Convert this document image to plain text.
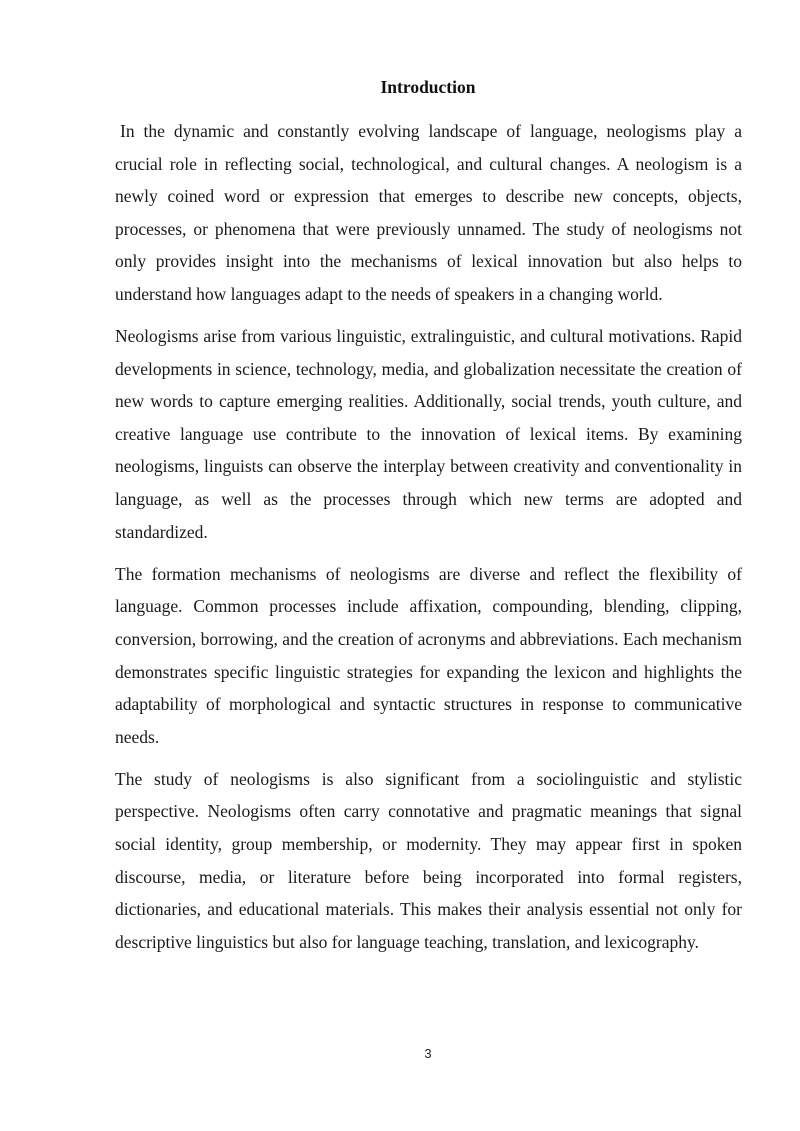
Introduction

In the dynamic and constantly evolving landscape of language, neologisms play a crucial role in reflecting social, technological, and cultural changes. A neologism is a newly coined word or expression that emerges to describe new concepts, objects, processes, or phenomena that were previously unnamed. The study of neologisms not only provides insight into the mechanisms of lexical innovation but also helps to understand how languages adapt to the needs of speakers in a changing world.

Neologisms arise from various linguistic, extralinguistic, and cultural motivations. Rapid developments in science, technology, media, and globalization necessitate the creation of new words to capture emerging realities. Additionally, social trends, youth culture, and creative language use contribute to the innovation of lexical items. By examining neologisms, linguists can observe the interplay between creativity and conventionality in language, as well as the processes through which new terms are adopted and standardized.

The formation mechanisms of neologisms are diverse and reflect the flexibility of language. Common processes include affixation, compounding, blending, clipping, conversion, borrowing, and the creation of acronyms and abbreviations. Each mechanism demonstrates specific linguistic strategies for expanding the lexicon and highlights the adaptability of morphological and syntactic structures in response to communicative needs.

The study of neologisms is also significant from a sociolinguistic and stylistic perspective. Neologisms often carry connotative and pragmatic meanings that signal social identity, group membership, or modernity. They may appear first in spoken discourse, media, or literature before being incorporated into formal registers, dictionaries, and educational materials. This makes their analysis essential not only for descriptive linguistics but also for language teaching, translation, and lexicography.

3
